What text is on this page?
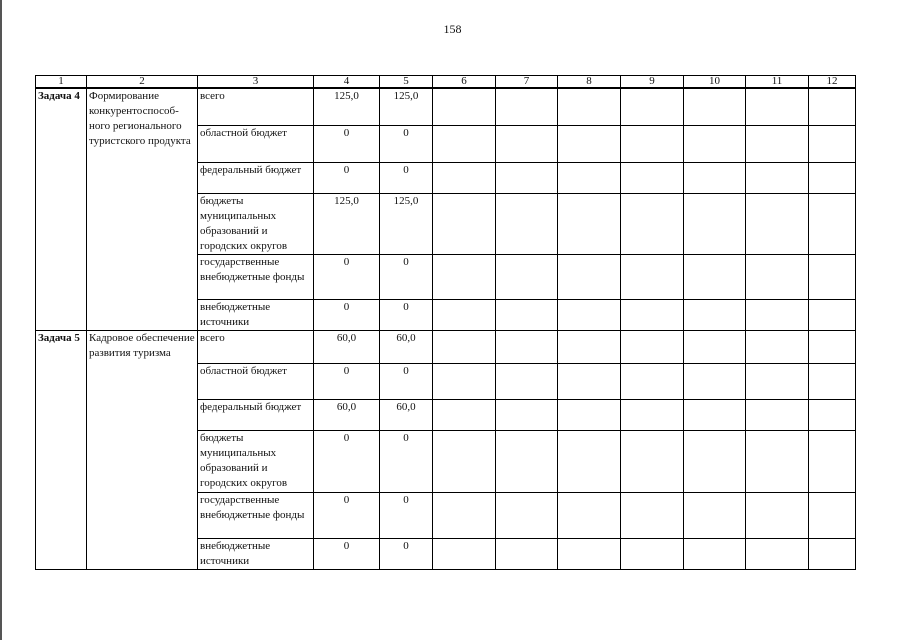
158
1	2	3	4	5	6	7	8	9	10	11	12
Задача 4	Формирование конкурентоспособ-ного регионального туристского продукта	всего	125,0	125,0							
		областной бюджет	0	0							
		федеральный бюджет	0	0							
		бюджеты муниципальных образований и городских округов	125,0	125,0							
		государственные внебюджетные фонды	0	0							
		внебюджетные источники	0	0							
Задача 5	Кадровое обеспечение развития туризма	всего	60,0	60,0							
		областной бюджет	0	0							
		федеральный бюджет	60,0	60,0							
		бюджеты муниципальных образований и городских округов	0	0							
		государственные внебюджетные фонды	0	0							
		внебюджетные источники	0	0							
